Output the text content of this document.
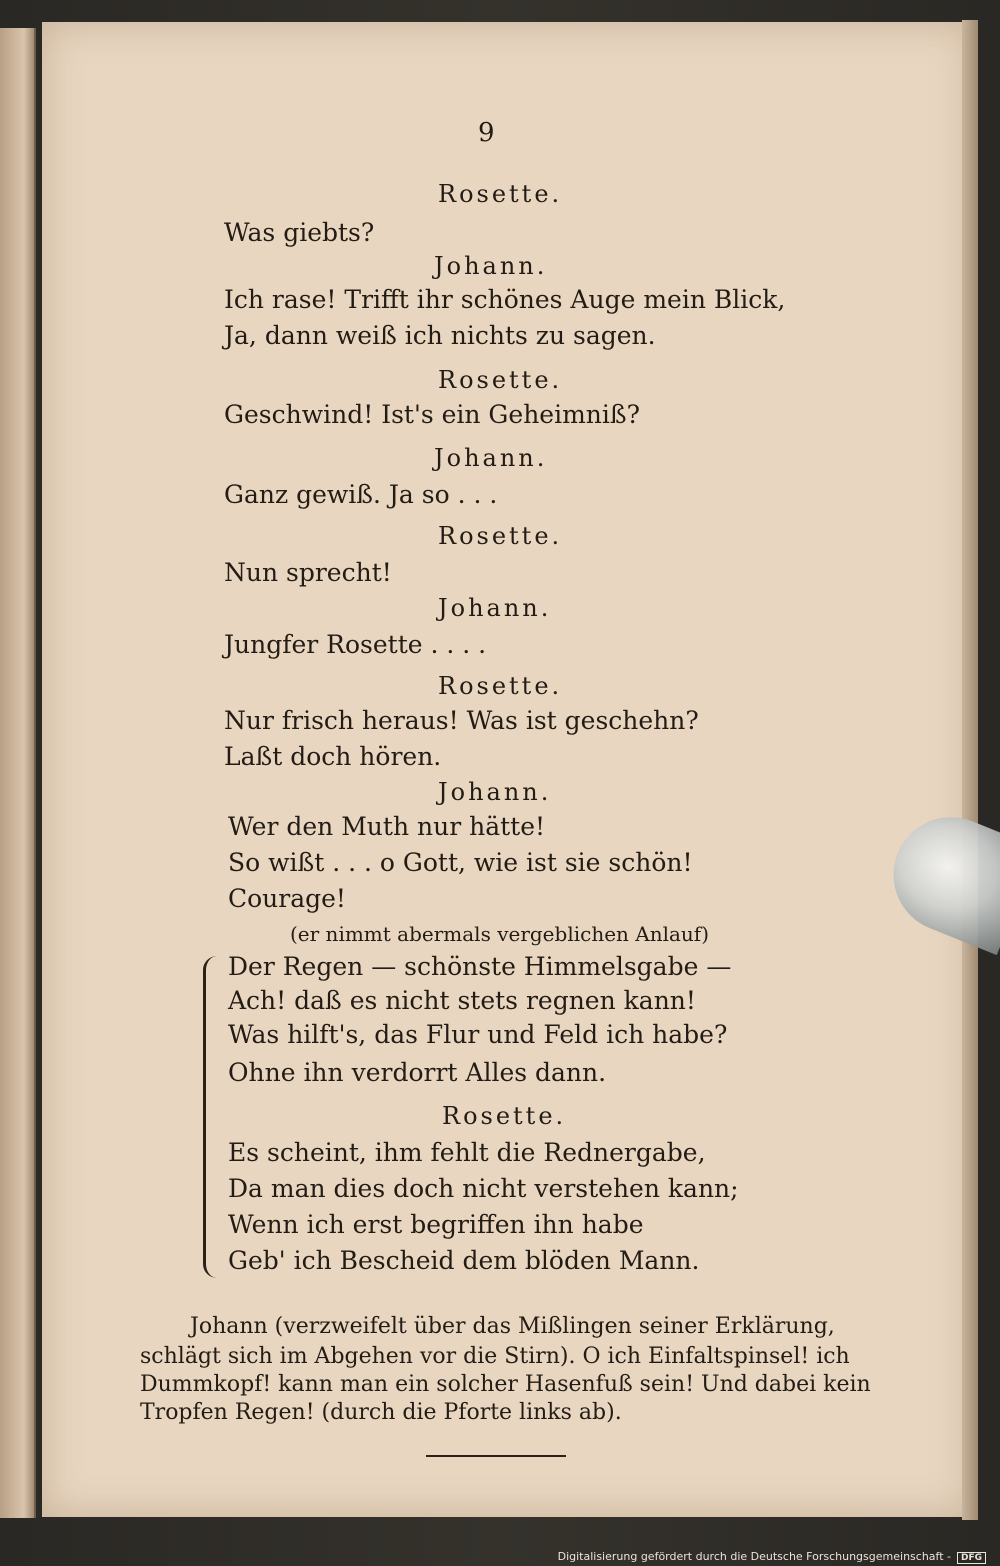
9
Rosette.
Was giebts?
Johann.
Ich rase! Trifft ihr schönes Auge mein Blick,
Ja, dann weiß ich nichts zu sagen.
Rosette.
Geschwind! Ist's ein Geheimniß?
Johann.
Ganz gewiß. Ja so . . .
Rosette.
Nun sprecht!
Johann.
Jungfer Rosette . . . .
Rosette.
Nur frisch heraus! Was ist geschehn?
Laßt doch hören.
Johann.
Wer den Muth nur hätte!
So wißt . . . o Gott, wie ist sie schön!
Courage!
(er nimmt abermals vergeblichen Anlauf)
Der Regen — schönste Himmelsgabe —
Ach! daß es nicht stets regnen kann!
Was hilft's, das Flur und Feld ich habe?
Ohne ihn verdorrt Alles dann.
Rosette.
Es scheint, ihm fehlt die Rednergabe,
Da man dies doch nicht verstehen kann;
Wenn ich erst begriffen ihn habe
Geb' ich Bescheid dem blöden Mann.
Johann (verzweifelt über das Mißlingen seiner Erklärung,
schlägt sich im Abgehen vor die Stirn). O ich Einfaltspinsel! ich
Dummkopf! kann man ein solcher Hasenfuß sein! Und dabei kein
Tropfen Regen! (durch die Pforte links ab).
Digitalisierung gefördert durch die Deutsche Forschungsgemeinschaft - DFG
